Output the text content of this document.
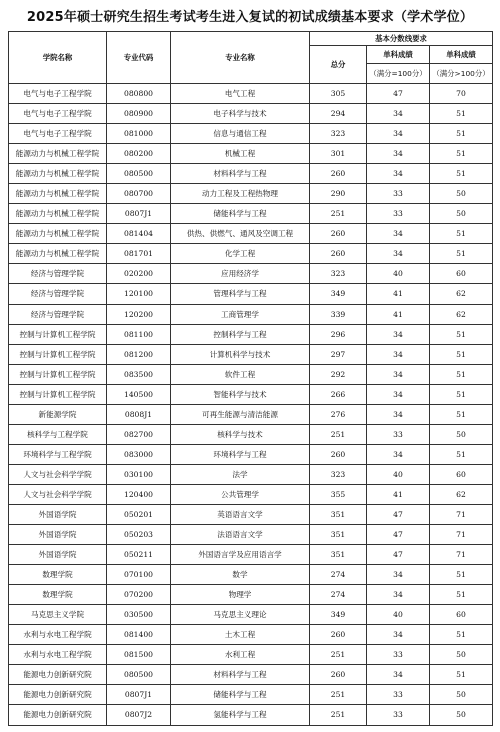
2025年硕士研究生招生考试考生进入复试的初试成绩基本要求（学术学位）
学院名称	专业代码	专业名称	基本分数线要求		
			总分	单科成绩	单科成绩
				（满分=100分）	（满分>100分）
电气与电子工程学院	080800	电气工程	305	47	70
电气与电子工程学院	080900	电子科学与技术	294	34	51
电气与电子工程学院	081000	信息与通信工程	323	34	51
能源动力与机械工程学院	080200	机械工程	301	34	51
能源动力与机械工程学院	080500	材料科学与工程	260	34	51
能源动力与机械工程学院	080700	动力工程及工程热物理	290	33	50
能源动力与机械工程学院	0807J1	储能科学与工程	251	33	50
能源动力与机械工程学院	081404	供热、供燃气、通风及空调工程	260	34	51
能源动力与机械工程学院	081701	化学工程	260	34	51
经济与管理学院	020200	应用经济学	323	40	60
经济与管理学院	120100	管理科学与工程	349	41	62
经济与管理学院	120200	工商管理学	339	41	62
控制与计算机工程学院	081100	控制科学与工程	296	34	51
控制与计算机工程学院	081200	计算机科学与技术	297	34	51
控制与计算机工程学院	083500	软件工程	292	34	51
控制与计算机工程学院	140500	智能科学与技术	266	34	51
新能源学院	0808J1	可再生能源与清洁能源	276	34	51
核科学与工程学院	082700	核科学与技术	251	33	50
环境科学与工程学院	083000	环境科学与工程	260	34	51
人文与社会科学学院	030100	法学	323	40	60
人文与社会科学学院	120400	公共管理学	355	41	62
外国语学院	050201	英语语言文学	351	47	71
外国语学院	050203	法语语言文学	351	47	71
外国语学院	050211	外国语言学及应用语言学	351	47	71
数理学院	070100	数学	274	34	51
数理学院	070200	物理学	274	34	51
马克思主义学院	030500	马克思主义理论	349	40	60
水利与水电工程学院	081400	土木工程	260	34	51
水利与水电工程学院	081500	水利工程	251	33	50
能源电力创新研究院	080500	材料科学与工程	260	34	51
能源电力创新研究院	0807J1	储能科学与工程	251	33	50
能源电力创新研究院	0807J2	氢能科学与工程	251	33	50
